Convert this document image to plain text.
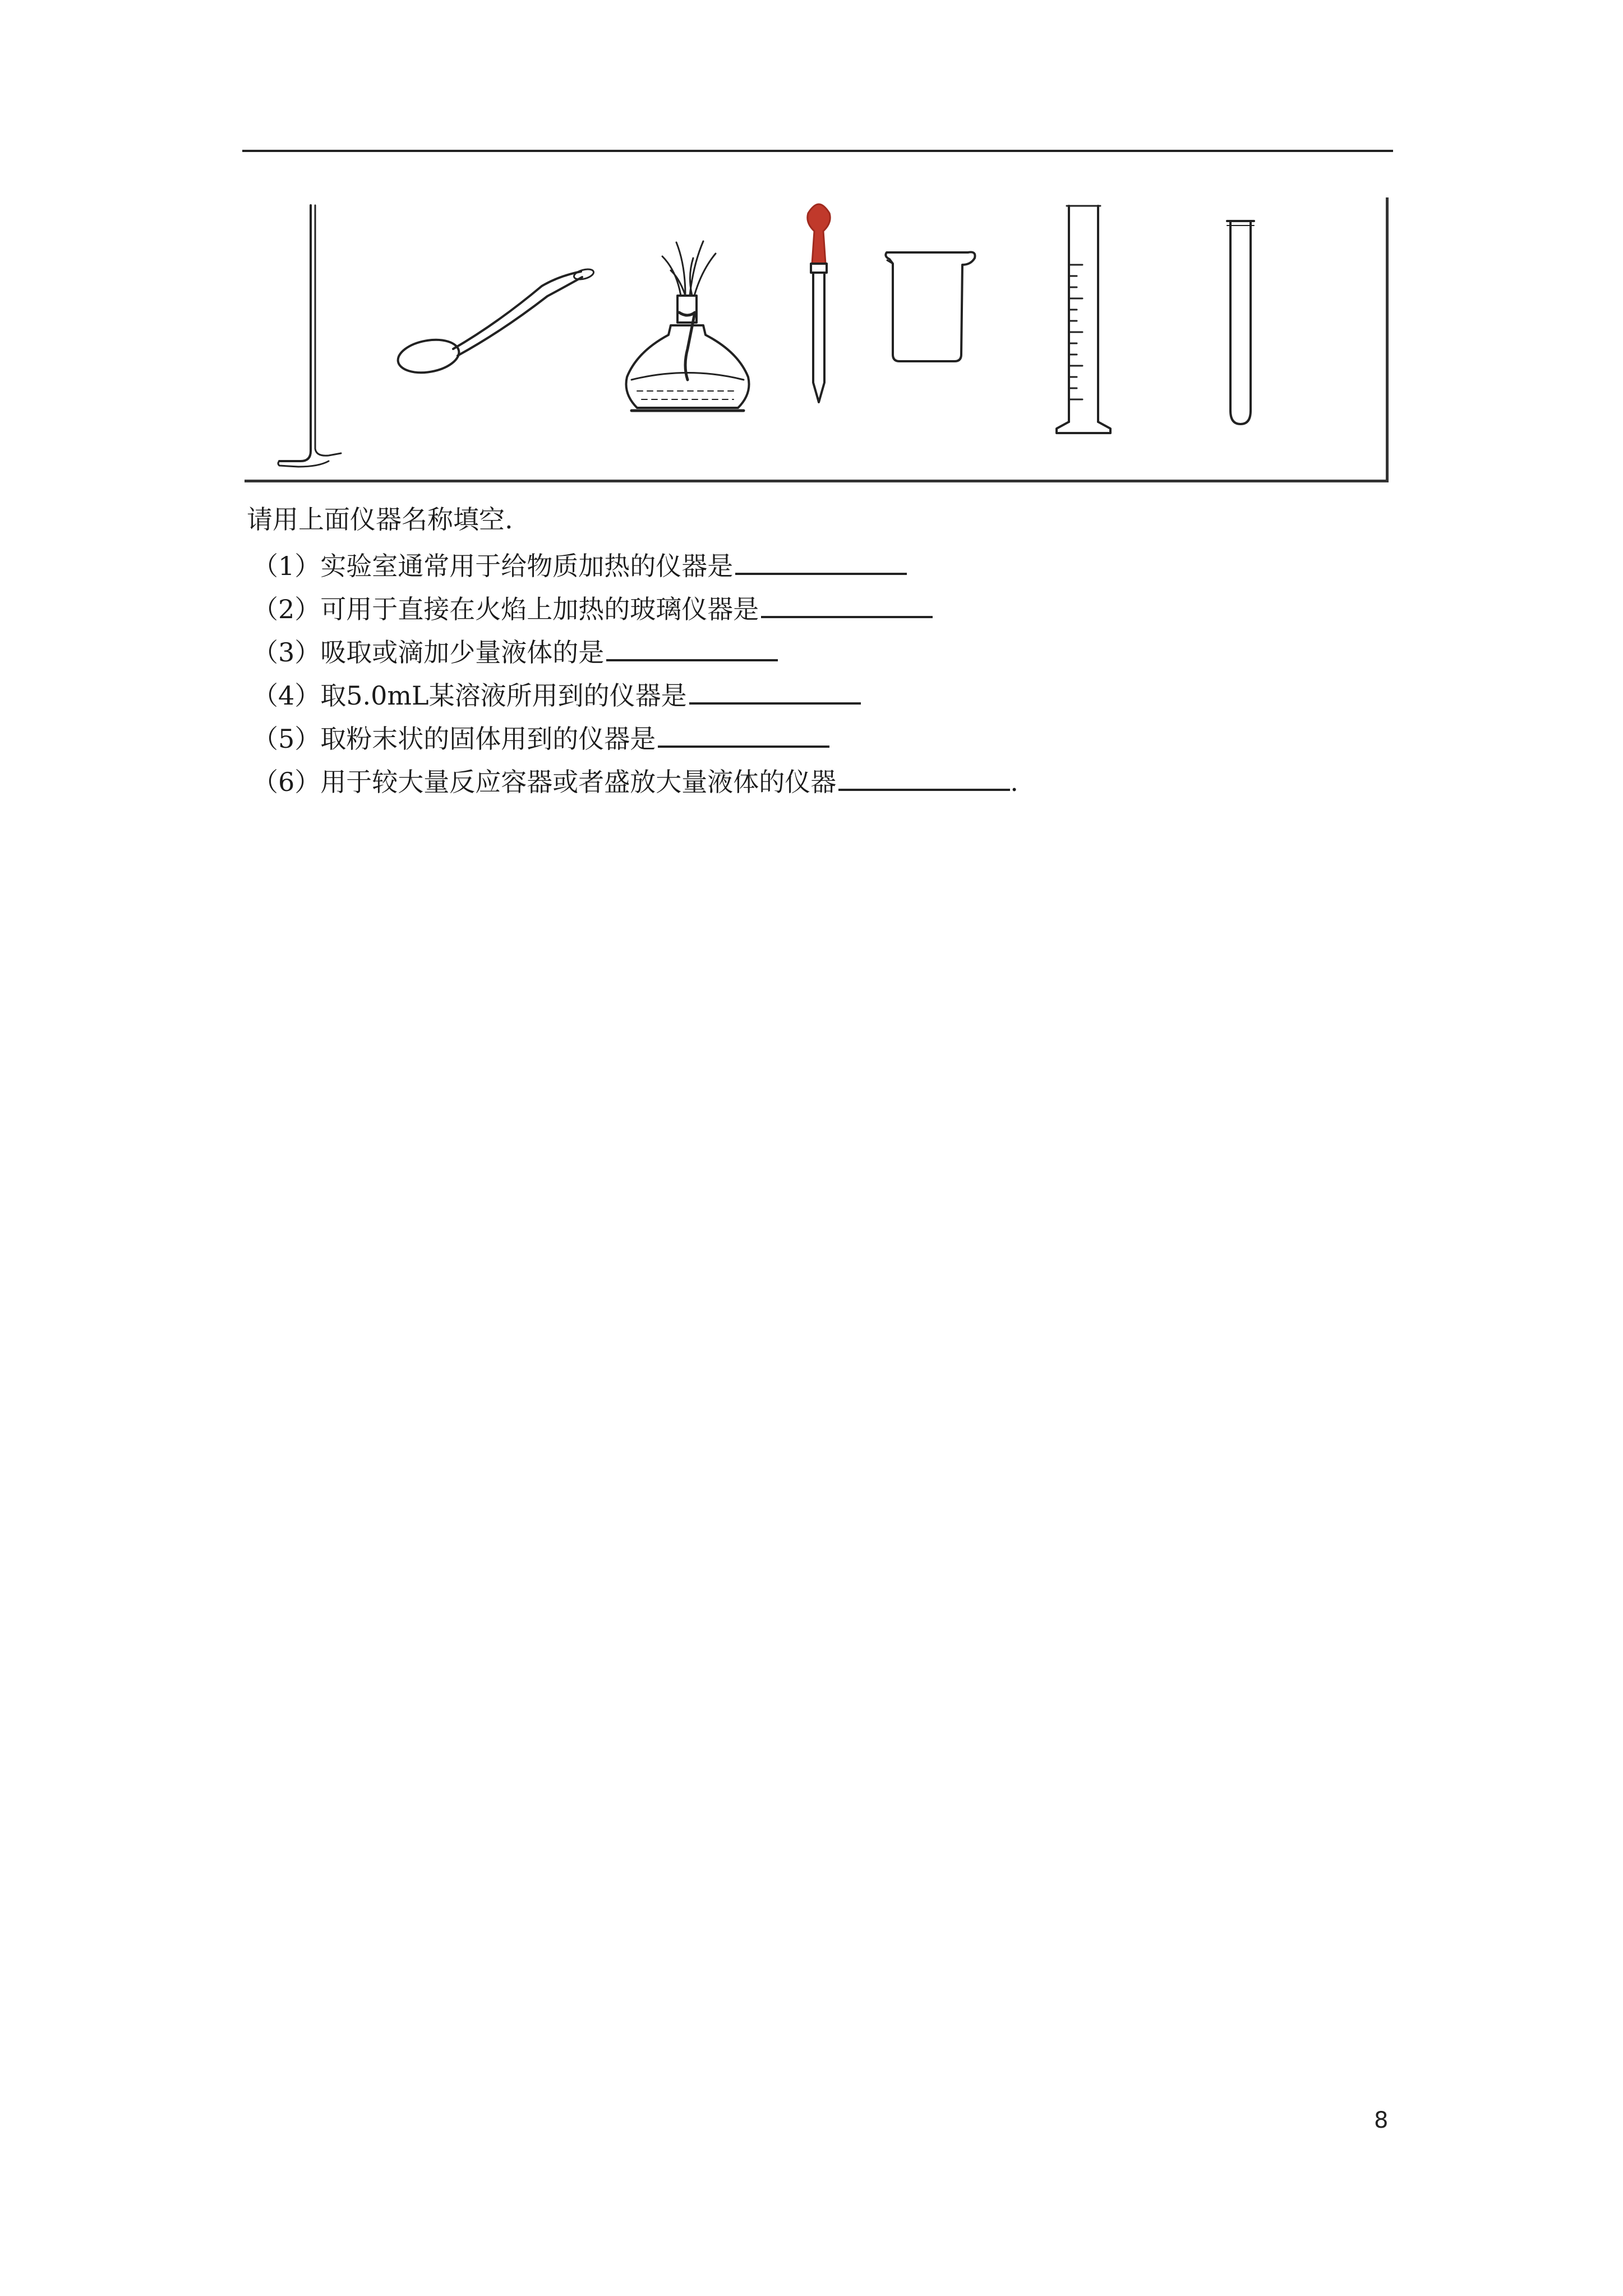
请用上面仪器名称填空.
（1）实验室通常用于给物质加热的仪器是
（2）可用于直接在火焰上加热的玻璃仪器是
（3）吸取或滴加少量液体的是
（4）取5.0mL某溶液所用到的仪器是
（5）取粉末状的固体用到的仪器是
（6）用于较大量反应容器或者盛放大量液体的仪器	.
8
